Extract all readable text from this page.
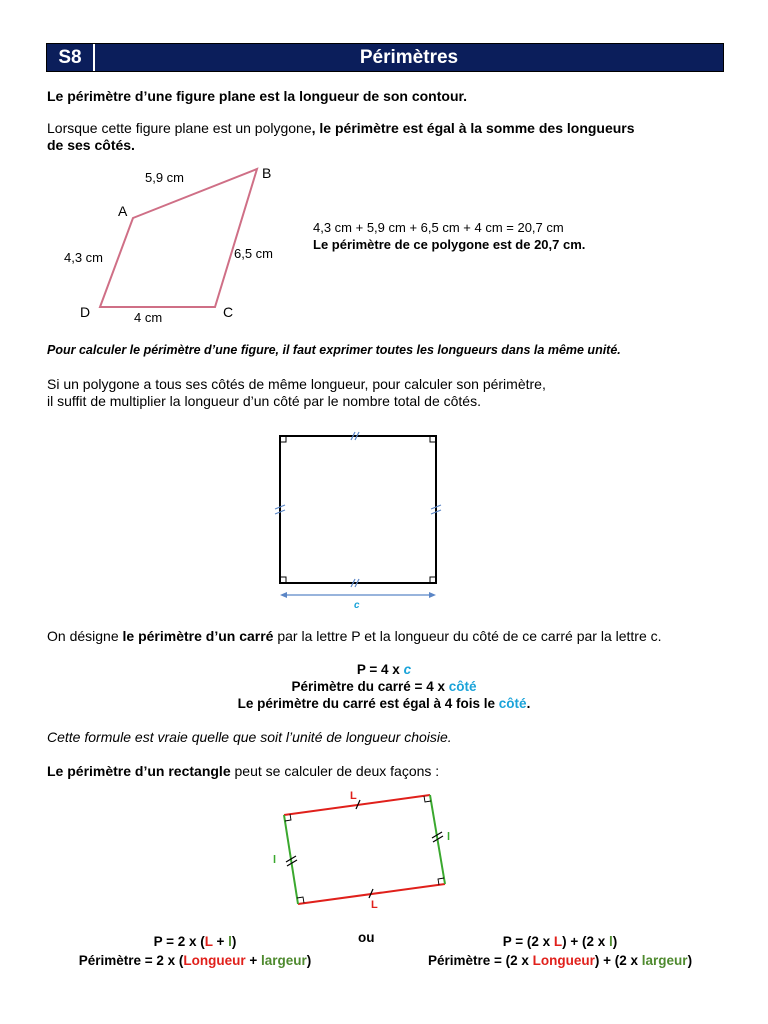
S8	Périmètres
Le périmètre d’une figure plane est la longueur de son contour.
Lorsque cette figure plane est un polygone, le périmètre est égal à la somme des longueurs
de ses côtés.
A
B
C
D
5,9 cm
6,5 cm
4 cm
4,3 cm
4,3 cm + 5,9 cm + 6,5 cm + 4 cm = 20,7 cm
Le périmètre de ce polygone est de 20,7 cm.
Pour calculer le périmètre d’une figure, il faut exprimer toutes les longueurs dans la même unité.
Si un polygone a tous ses côtés de même longueur, pour calculer son périmètre,
il suffit de multiplier la longueur d’un côté par le nombre total de côtés.
c
On désigne le périmètre d’un carré par la lettre P et la longueur du côté de ce carré par la lettre c.
P = 4 x c
Périmètre du carré = 4 x côté
Le périmètre du carré est égal à 4 fois le côté.
Cette formule est vraie quelle que soit l’unité de longueur choisie.
Le périmètre d’un rectangle peut se calculer de deux façons :
L
L
l
l
P = 2 x (L + l)
Périmètre = 2 x (Longueur + largeur)
ou	P = (2 x L) + (2 x l)
Périmètre = (2 x Longueur) + (2 x largeur)
